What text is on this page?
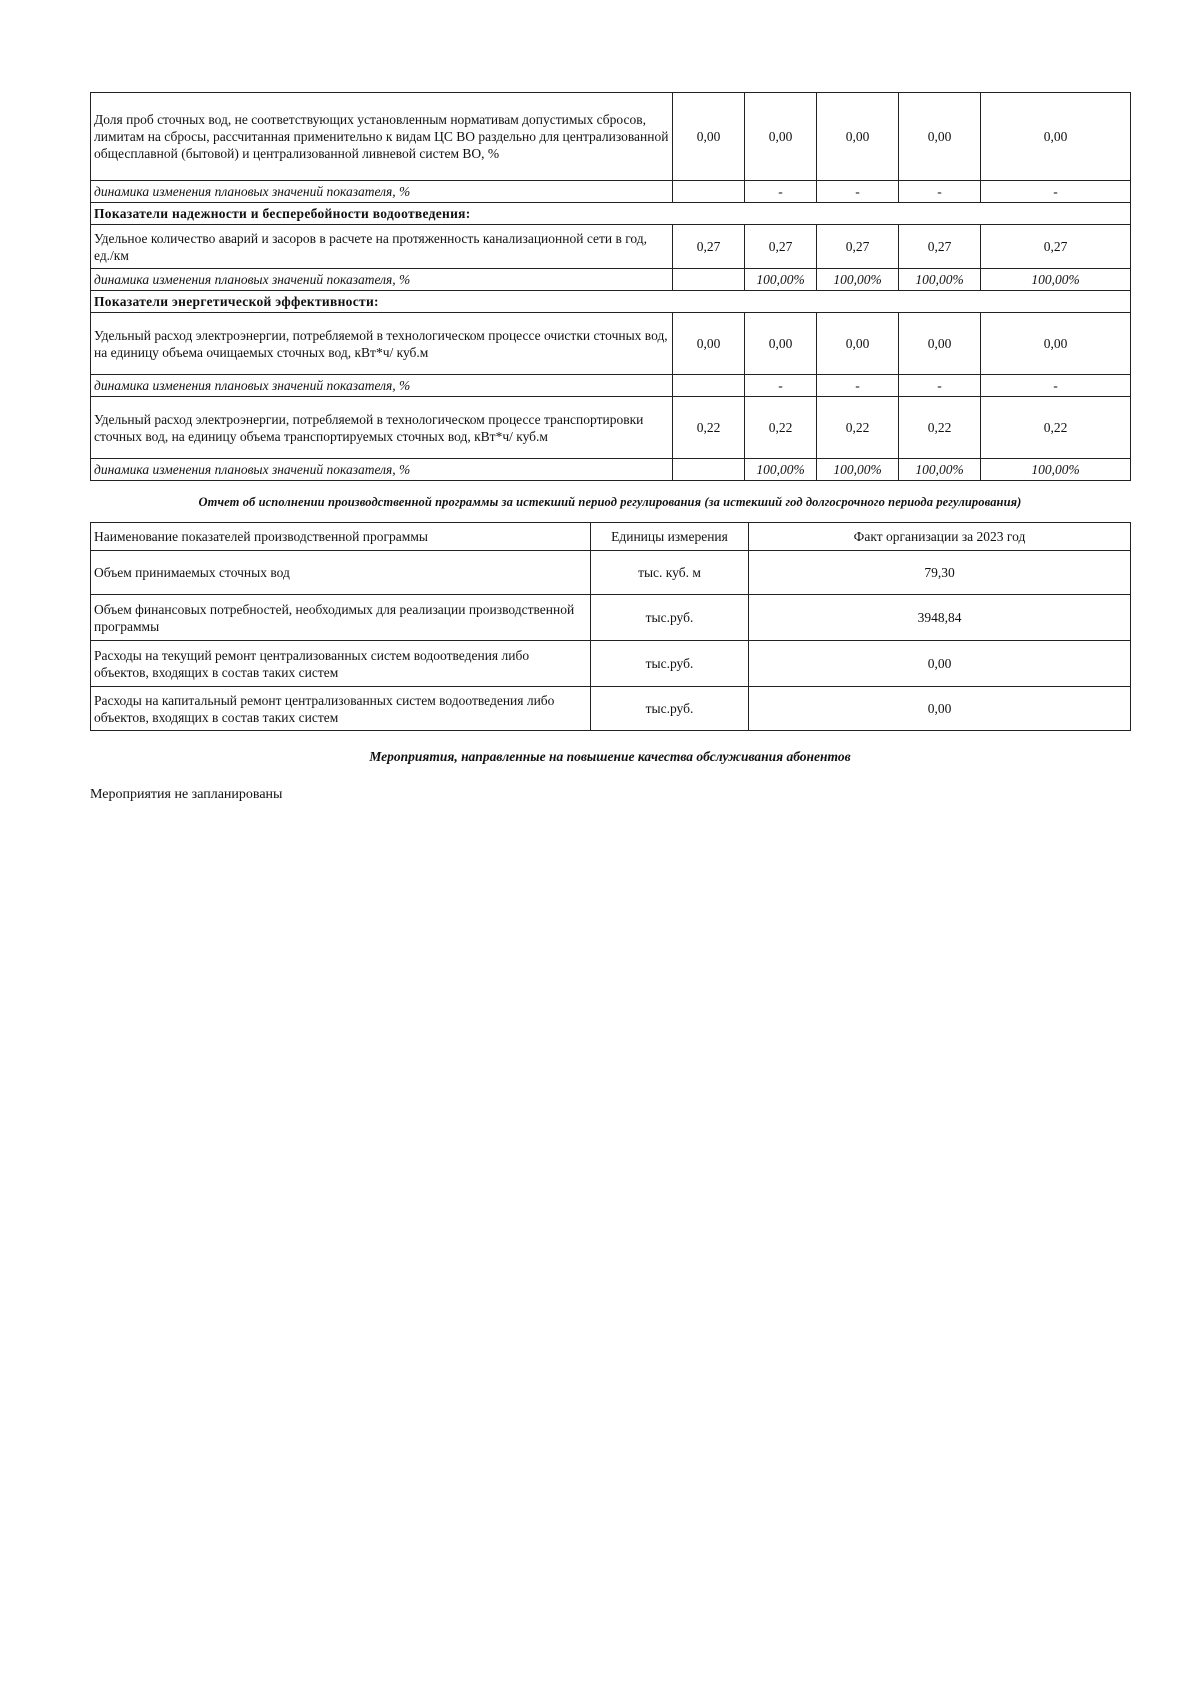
Доля проб сточных вод, не соответствующих установленным нормативам допустимых сбросов, лимитам на сбросы, рассчитанная применительно к видам ЦС ВО раздельно для централизованной общесплавной (бытовой) и централизованной ливневой систем ВО, %	0,00	0,00	0,00	0,00	0,00
динамика изменения плановых значений показателя, %		-	-	-	-
Показатели надежности и бесперебойности водоотведения:					
Удельное количество аварий и засоров в расчете на протяженность канализационной сети в год, ед./км	0,27	0,27	0,27	0,27	0,27
динамика изменения плановых значений показателя, %		100,00%	100,00%	100,00%	100,00%
Показатели энергетической эффективности:					
Удельный расход электроэнергии, потребляемой в технологическом процессе очистки сточных вод, на единицу объема очищаемых сточных вод, кВт*ч/ куб.м	0,00	0,00	0,00	0,00	0,00
динамика изменения плановых значений показателя, %		-	-	-	-
Удельный расход электроэнергии, потребляемой в технологическом процессе транспортировки сточных вод, на единицу объема транспортируемых сточных вод, кВт*ч/ куб.м	0,22	0,22	0,22	0,22	0,22
динамика изменения плановых значений показателя, %		100,00%	100,00%	100,00%	100,00%
Отчет об исполнении производственной программы за истекший период регулирования (за истекший год долгосрочного периода регулирования)
Наименование показателей производственной программы	Единицы измерения	Факт организации за 2023 год
Объем принимаемых сточных вод	тыс. куб. м	79,30
Объем финансовых потребностей, необходимых для реализации производственной программы	тыс.руб.	3948,84
Расходы на текущий ремонт централизованных систем водоотведения либо объектов, входящих в состав таких систем	тыс.руб.	0,00
Расходы на капитальный ремонт централизованных систем водоотведения либо объектов, входящих в состав таких систем	тыс.руб.	0,00
Мероприятия, направленные на повышение качества обслуживания абонентов
Мероприятия не запланированы
